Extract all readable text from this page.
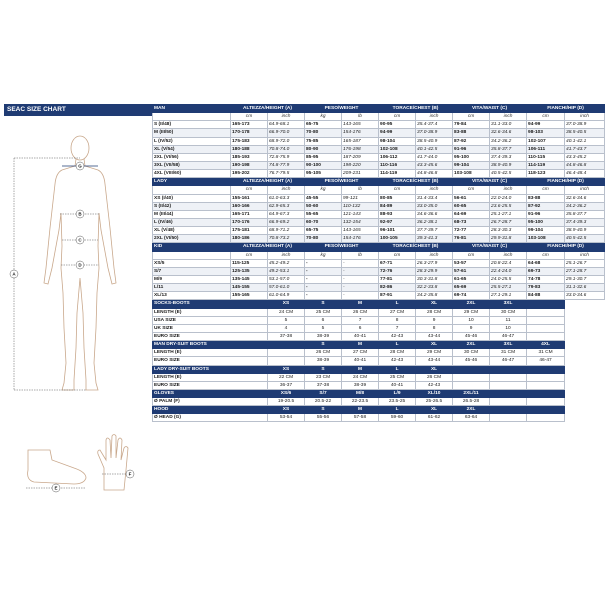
SEAC SIZE CHART
G
B
C
D
A
E
F
MAN	ALTEZZA/HEIGHT (A)		PESO/WEIGHT		TORACE/CHEST (B)		VITA/WAIST (C)		FIANCHI/HIP (D)	
	cm	inch	kg	lb	cm	inch	cm	inch	cm	inch
S (II/48)	165-173	64.9-68.1	65-75	143-165	90-95	35.4-37.4	79-84	31.1-33.0	94-99	37.0-38.9
M (III/50)	170-178	66.9-70.0	70-80	154-176	94-99	37.0-38.9	83-88	32.6-34.6	98-103	38.5-40.5
L (IV/52)	175-183	68.9-72.0	75-85	165-187	98-104	38.5-40.9	87-92	34.2-36.2	102-107	40.1-42.1
XL (V/54)	180-188	70.8-74.0	80-90	176-198	102-108	40.1-42.5	91-96	35.8-37.7	106-111	41.7-43.7
2XL (VI/56)	185-193	72.8-75.9	85-95	187-209	106-112	41.7-44.0	95-100	37.4-39.3	110-115	43.3-45.2
3XL (VII/58)	190-198	74.8-77.9	90-100	198-220	110-116	43.3-45.6	99-104	38.9-40.9	114-119	44.8-46.8
4XL (VIII/60)	195-202	76.7-79.5	95-105	209-231	114-119	44.8-46.8	103-108	40.5-42.5	118-123	46.4-48.4
LADY	ALTEZZA/HEIGHT (A)		PESO/WEIGHT		TORACE/CHEST (B)		VITA/WAIST (C)		FIANCHI/HIP (D)	
	cm	inch	kg	lb	cm	inch	cm	inch	cm	inch
XS (I/40)	155-161	61.0-63.3	45-55	99-121	80-85	31.4-33.4	56-61	22.0-24.0	83-88	32.6-34.6
S (II/42)	160-166	62.9-65.3	50-60	110-132	84-89	33.0-35.0	60-65	23.6-25.5	87-92	34.2-36.2
M (III/44)	165-171	64.9-67.3	55-65	121-143	88-93	34.6-36.6	64-69	25.1-27.1	91-96	35.8-37.7
L (IV/46)	170-176	66.9-69.2	60-70	132-154	92-97	36.2-38.1	68-73	26.7-28.7	95-100	37.4-39.3
XL (V/48)	175-181	68.9-71.2	65-75	143-165	96-101	37.7-39.7	72-77	28.3-30.3	99-104	38.9-40.9
2XL (VI/50)	180-186	70.8-73.2	70-80	154-176	100-105	39.3-41.3	76-81	29.9-31.8	103-108	40.5-42.5
KID	ALTEZZA/HEIGHT (A)		PESO/WEIGHT		TORACE/CHEST (B)		VITA/WAIST (C)		FIANCHI/HIP (D)	
	cm	inch	kg	lb	cm	inch	cm	inch	cm	inch
XS/5	115-125	45.2-49.2	-	-	67-71	26.3-27.9	53-57	20.8-22.4	64-68	25.1-26.7
S/7	125-135	49.2-53.1	-	-	72-76	28.3-29.9	57-61	22.4-24.0	69-73	27.1-28.7
M/9	135-145	53.1-57.0	-	-	77-81	30.3-31.8	61-65	24.0-25.5	74-78	29.1-30.7
L/11	145-155	57.0-61.0	-	-	82-86	32.2-33.8	65-69	25.5-27.1	79-83	31.1-32.6
XL/13	155-165	61.0-64.9	-	-	87-91	34.2-35.8	69-74	27.1-29.1	84-88	33.0-34.6
SOCKS-BOOTS		XS	S	M	L	XL	2XL	3XL		
LENGTH (E)		24 CM	25 CM	26 CM	27 CM	28 CM	29 CM	30 CM		
USA SIZE		5	6	7	8	9	10	11		
UK SIZE		4	5	6	7	8	9	10		
EURO SIZE		37-38	38-39	40-41	42-43	43-44	45-46	46-47		
MAN DRY-SUIT BOOTS			S	M	L	XL	2XL	3XL	4XL	
LENGTH (E)			26 CM	27 CM	28 CM	29 CM	30 CM	31 CM	31 CM	
EURO SIZE			38-39	40-41	42-43	43-44	45-46	46-47	46-47	
LADY DRY-SUIT BOOTS		XS	S	M	L	XL				
LENGTH (E)		22 CM	23 CM	24 CM	25 CM	26 CM				
EURO SIZE		36-37	37-38	38-39	40-41	42-43				
GLOVES		XS/6	S/7	M/8	L/9	XL/10	2XL/11			
Ø PALM (F)		19-20.5	20.5-22	22-23.5	23.5-25	25-26.5	26.5-28			
HOOD		XS	S	M	L	XL	2XL			
Ø HEAD (G)		53-54	55-56	57-58	59-60	61-62	63-64			
